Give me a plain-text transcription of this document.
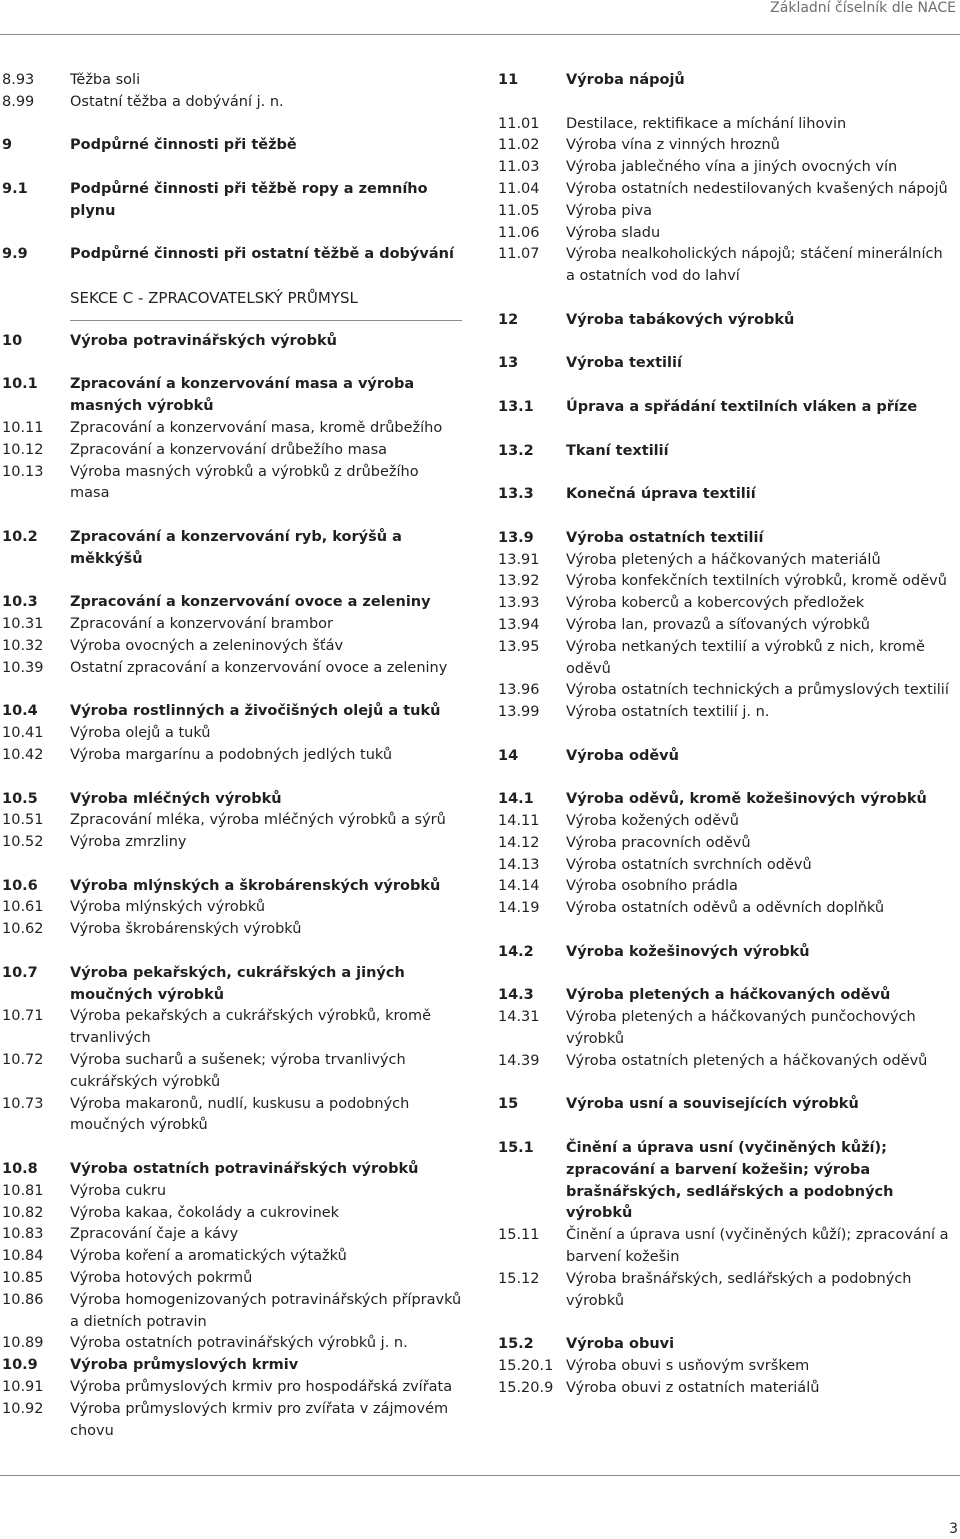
Základní číselník dle NACE
8.93	Těžba soli
8.99	Ostatní těžba a dobývání j. n.
9	Podpůrné činnosti při těžbě
9.1	Podpůrné činnosti při těžbě ropy a zemního plynu
9.9	Podpůrné činnosti při ostatní těžbě a dobývání
SEKCE C - ZPRACOVATELSKÝ PRŮMYSL
10	Výroba potravinářských výrobků
10.1	Zpracování a konzervování masa a výroba masných výrobků
10.11	Zpracování a konzervování masa, kromě drůbežího
10.12	Zpracování a konzervování drůbežího masa
10.13	Výroba masných výrobků a výrobků z drůbežího masa
10.2	Zpracování a konzervování ryb, korýšů a měkkýšů
10.3	Zpracování a konzervování ovoce a zeleniny
10.31	Zpracování a konzervování brambor
10.32	Výroba ovocných a zeleninových šťáv
10.39	Ostatní zpracování a konzervování ovoce a zeleniny
10.4	Výroba rostlinných a živočišných olejů a tuků
10.41	Výroba olejů a tuků
10.42	Výroba margarínu a podobných jedlých tuků
10.5	Výroba mléčných výrobků
10.51	Zpracování mléka, výroba mléčných výrobků a sýrů
10.52	Výroba zmrzliny
10.6	Výroba mlýnských a škrobárenských výrobků
10.61	Výroba mlýnských výrobků
10.62	Výroba škrobárenských výrobků
10.7	Výroba pekařských, cukrářských a jiných moučných výrobků
10.71	Výroba pekařských a cukrářských výrobků, kromě trvanlivých
10.72	Výroba sucharů a sušenek; výroba trvanlivých cukrářských výrobků
10.73	Výroba makaronů, nudlí, kuskusu a podobných moučných výrobků
10.8	Výroba ostatních potravinářských výrobků
10.81	Výroba cukru
10.82	Výroba kakaa, čokolády a cukrovinek
10.83	Zpracování čaje a kávy
10.84	Výroba koření a aromatických výtažků
10.85	Výroba hotových pokrmů
10.86	Výroba homogenizovaných potravinářských přípravků a dietních potravin
10.89	Výroba ostatních potravinářských výrobků j. n.
10.9	Výroba průmyslových krmiv
10.91	Výroba průmyslových krmiv pro hospodářská zvířata
10.92	Výroba průmyslových krmiv pro zvířata v zájmovém chovu
11	Výroba nápojů
11.01	Destilace, rektifikace a míchání lihovin
11.02	Výroba vína z vinných hroznů
11.03	Výroba jablečného vína a jiných ovocných vín
11.04	Výroba ostatních nedestilovaných kvašených nápojů
11.05	Výroba piva
11.06	Výroba sladu
11.07	Výroba nealkoholických nápojů; stáčení minerálních a ostatních vod do lahví
12	Výroba tabákových výrobků
13	Výroba textilií
13.1	Úprava a spřádání textilních vláken a příze
13.2	Tkaní textilií
13.3	Konečná úprava textilií
13.9	Výroba ostatních textilií
13.91	Výroba pletených a háčkovaných materiálů
13.92	Výroba konfekčních textilních výrobků, kromě oděvů
13.93	Výroba koberců a kobercových předložek
13.94	Výroba lan, provazů a síťovaných výrobků
13.95	Výroba netkaných textilií a výrobků z nich, kromě oděvů
13.96	Výroba ostatních technických a průmyslových textilií
13.99	Výroba ostatních textilií j. n.
14	Výroba oděvů
14.1	Výroba oděvů, kromě kožešinových výrobků
14.11	Výroba kožených oděvů
14.12	Výroba pracovních oděvů
14.13	Výroba ostatních svrchních oděvů
14.14	Výroba osobního prádla
14.19	Výroba ostatních oděvů a oděvních doplňků
14.2	Výroba kožešinových výrobků
14.3	Výroba pletených a háčkovaných oděvů
14.31	Výroba pletených a háčkovaných punčochových výrobků
14.39	Výroba ostatních pletených a háčkovaných oděvů
15	Výroba usní a souvisejících výrobků
15.1	Činění a úprava usní (vyčiněných kůží); zpracování a barvení kožešin; výroba brašnářských, sedlářských a podobných výrobků
15.11	Činění a úprava usní (vyčiněných kůží); zpracování a barvení kožešin
15.12	Výroba brašnářských, sedlářských a podobných výrobků
15.2	Výroba obuvi
15.20.1 Výroba obuvi s usňovým svrškem
15.20.9 Výroba obuvi z ostatních materiálů
3
